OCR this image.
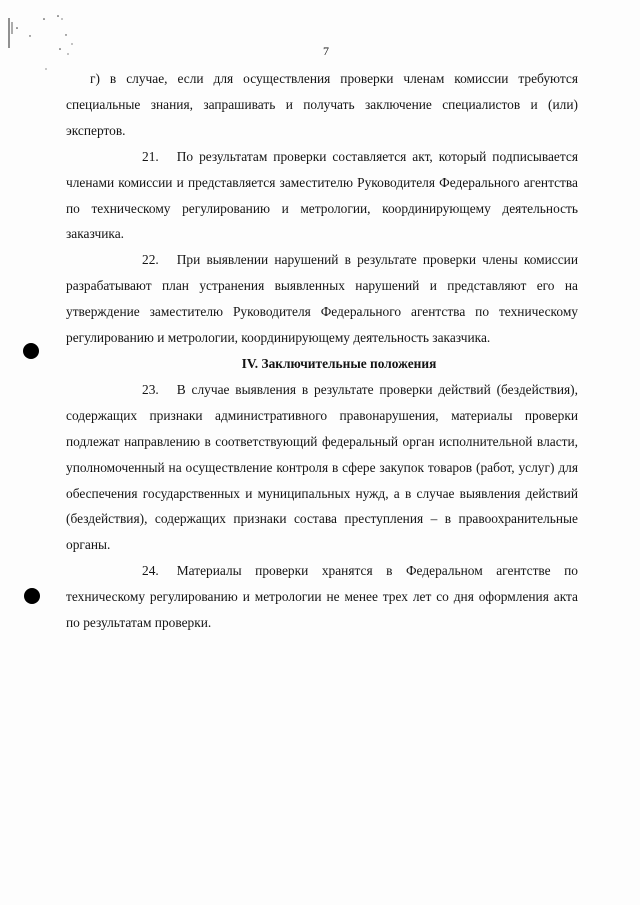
7

г) в случае, если для осуществления проверки членам комиссии требуются специальные знания, запрашивать и получать заключение специалистов и (или) экспертов.

21. По результатам проверки составляется акт, который подписывается членами комиссии и представляется заместителю Руководителя Федерального агентства по техническому регулированию и метрологии, координирующему деятельность заказчика.

22. При выявлении нарушений в результате проверки члены комиссии разрабатывают план устранения выявленных нарушений и представляют его на утверждение заместителю Руководителя Федерального агентства по техническому регулированию и метрологии, координирующему деятельность заказчика.

IV. Заключительные положения

23. В случае выявления в результате проверки действий (бездействия), содержащих признаки административного правонарушения, материалы проверки подлежат направлению в соответствующий федеральный орган исполнительной власти, уполномоченный на осуществление контроля в сфере закупок товаров (работ, услуг) для обеспечения государственных и муниципальных нужд, а в случае выявления действий (бездействия), содержащих признаки состава преступления – в правоохранительные органы.

24. Материалы проверки хранятся в Федеральном агентстве по техническому регулированию и метрологии не менее трех лет со дня оформления акта по результатам проверки.
